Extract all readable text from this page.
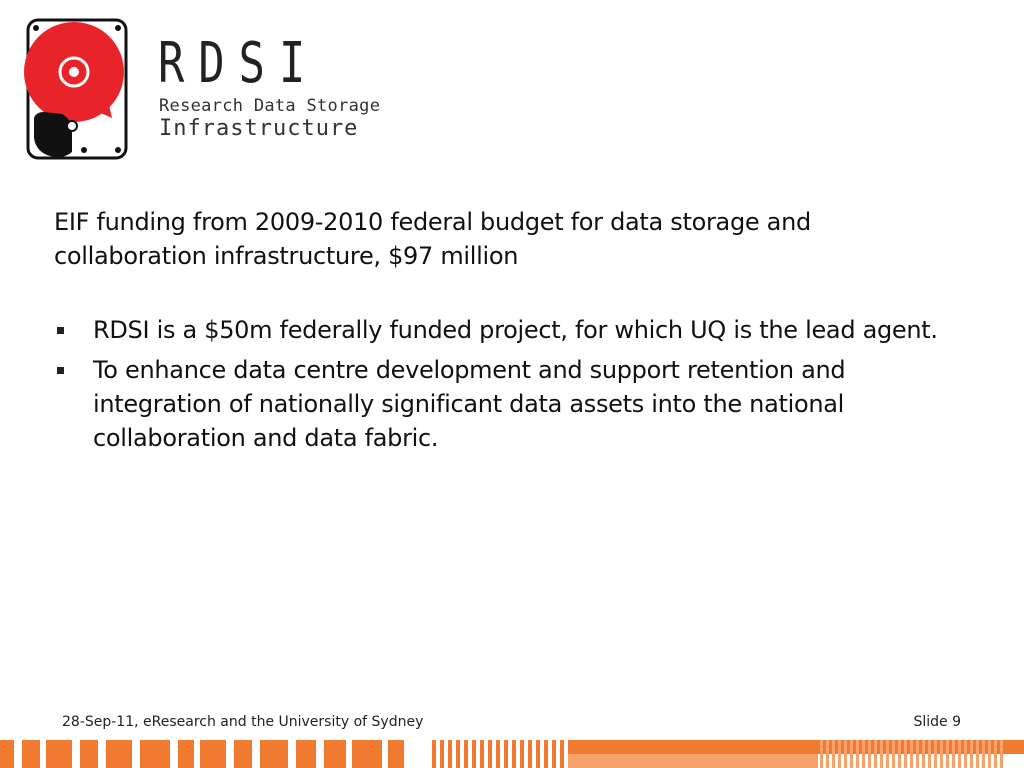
RDSI
Research Data Storage
Infrastructure

EIF funding from 2009-2010 federal budget for data storage and collaboration infrastructure, $97 million

RDSI is a $50m federally funded project, for which UQ is the lead agent.
To enhance data centre development and support retention and integration of nationally significant data assets into the national collaboration and data fabric.
28-Sep-11, eResearch and the University of Sydney	Slide 9
